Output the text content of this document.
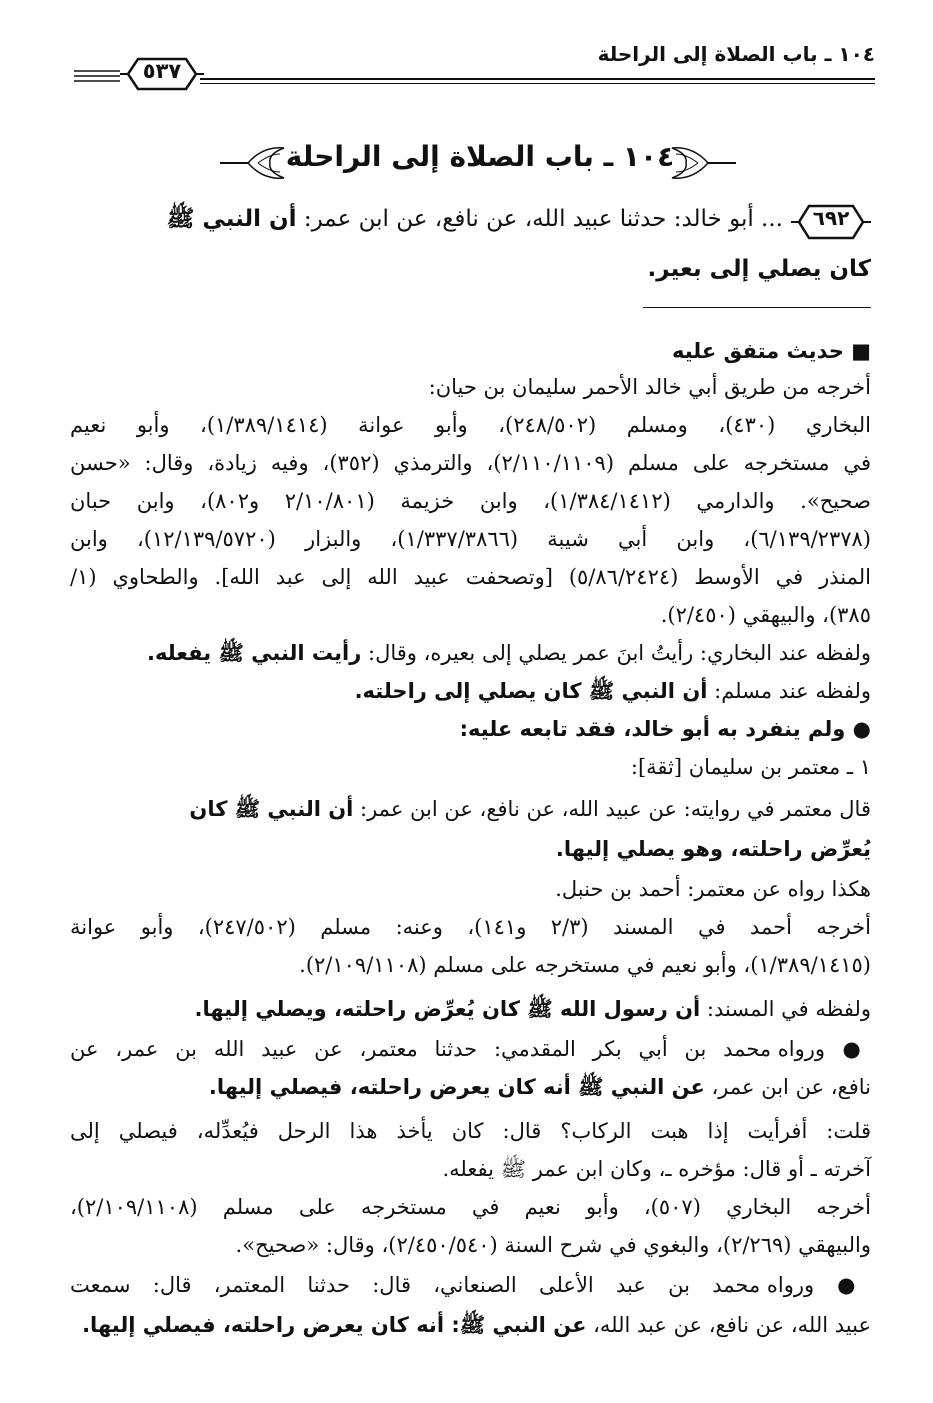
١٠٤ ـ باب الصلاة إلى الراحلة
٥٣٧
١٠٤ ـ باب الصلاة إلى الراحلة
٦٩٢
... أبو خالد: حدثنا عبيد الله، عن نافع، عن ابن عمر: أن النبي ﷺ
كان يصلي إلى بعير.
■ حديث متفق عليه
أخرجه من طريق أبي خالد الأحمر سليمان بن حيان:
البخاري (٤٣٠)، ومسلم (٢٤٨/٥٠٢)، وأبو عوانة (١/٣٨٩/١٤١٤)، وأبو نعيم
في مستخرجه على مسلم (٢/١١٠/١١٠٩)، والترمذي (٣٥٢)، وفيه زيادة، وقال: «حسن
صحيح». والدارمي (١/٣٨٤/١٤١٢)، وابن خزيمة (٢/١٠/٨٠١ و٨٠٢)، وابن حبان
(٦/١٣٩/٢٣٧٨)، وابن أبي شيبة (١/٣٣٧/٣٨٦٦)، والبزار (١٢/١٣٩/٥٧٢٠)، وابن
المنذر في الأوسط (٥/٨٦/٢٤٢٤) [وتصحفت عبيد الله إلى عبد الله]. والطحاوي (١/
٣٨٥)، والبيهقي (٢/٤٥٠).
ولفظه عند البخاري: رأيتُ ابنَ عمر يصلي إلى بعيره، وقال: رأيت النبي ﷺ يفعله.
ولفظه عند مسلم: أن النبي ﷺ كان يصلي إلى راحلته.
● ولم ينفرد به أبو خالد، فقد تابعه عليه:
١ ـ معتمر بن سليمان [ثقة]:
قال معتمر في روايته: عن عبيد الله، عن نافع، عن ابن عمر: أن النبي ﷺ كان
يُعرِّض راحلته، وهو يصلي إليها.
هكذا رواه عن معتمر: أحمد بن حنبل.
أخرجه أحمد في المسند (٢/٣ و١٤١)، وعنه: مسلم (٢٤٧/٥٠٢)، وأبو عوانة
(١/٣٨٩/١٤١٥)، وأبو نعيم في مستخرجه على مسلم (٢/١٠٩/١١٠٨).
ولفظه في المسند: أن رسول الله ﷺ كان يُعرِّض راحلته، ويصلي إليها.
● ورواه محمد بن أبي بكر المقدمي: حدثنا معتمر، عن عبيد الله بن عمر، عن
نافع، عن ابن عمر، عن النبي ﷺ أنه كان يعرض راحلته، فيصلي إليها.
قلت: أفرأيت إذا هبت الركاب؟ قال: كان يأخذ هذا الرحل فيُعدِّله، فيصلي إلى
آخرته ـ أو قال: مؤخره ـ، وكان ابن عمر ﷺ يفعله.
أخرجه البخاري (٥٠٧)، وأبو نعيم في مستخرجه على مسلم (٢/١٠٩/١١٠٨)،
والبيهقي (٢/٢٦٩)، والبغوي في شرح السنة (٢/٤٥٠/٥٤٠)، وقال: «صحيح».
● ورواه محمد بن عبد الأعلى الصنعاني، قال: حدثنا المعتمر، قال: سمعت
عبيد الله، عن نافع، عن عبد الله، عن النبي ﷺ: أنه كان يعرض راحلته، فيصلي إليها.
